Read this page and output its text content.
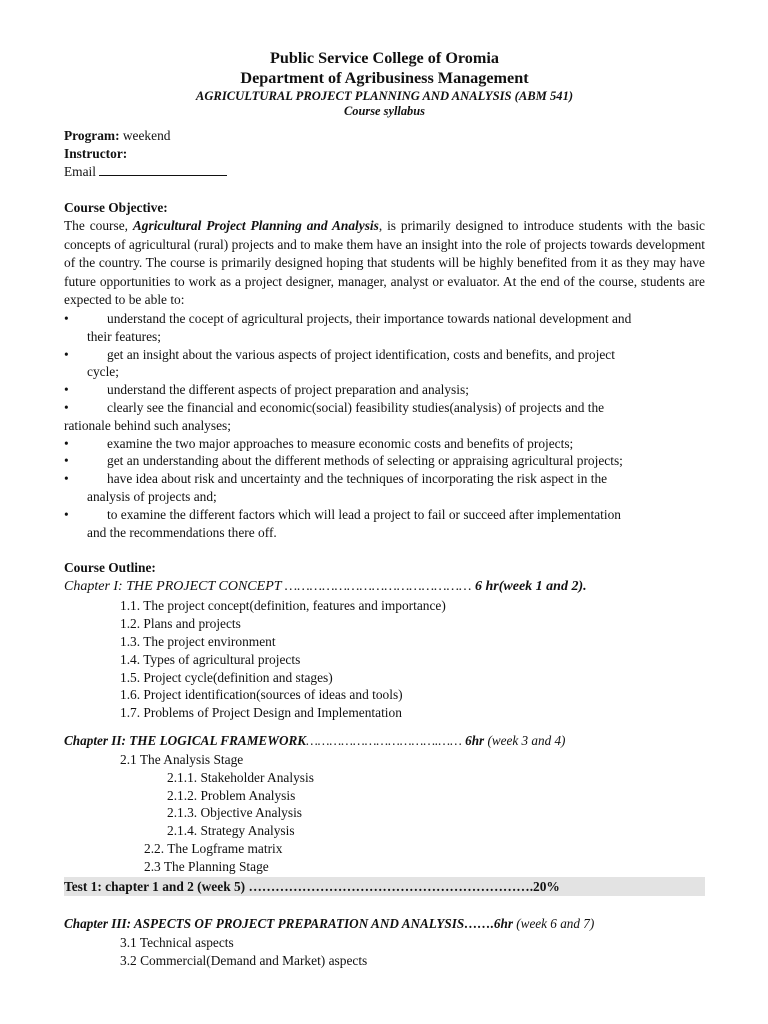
Public Service College of Oromia
Department of Agribusiness Management
AGRICULTURAL PROJECT PLANNING AND ANALYSIS (ABM 541)
Course syllabus
Program: weekend
Instructor:
Email
Course Objective:
The course, Agricultural Project Planning and Analysis, is primarily designed to introduce students with the basic concepts of agricultural (rural) projects and to make them have an insight into the role of projects towards development of the country. The course is primarily designed hoping that students will be highly benefited from it as they may have future opportunities to work as a project designer, manager, analyst or evaluator. At the end of the course, students are expected to be able to:
•	understand the cocept of agricultural projects, their importance towards national development and
their features;
•	get an insight about the various aspects of project identification, costs and benefits, and project
cycle;
•	understand the different aspects of project preparation and analysis;
•	clearly see the financial and economic(social) feasibility studies(analysis) of projects and the
rationale behind such analyses;
•	examine the two major approaches to measure economic costs and benefits of projects;
•	get an understanding about the different methods of selecting or appraising agricultural projects;
•	have idea about risk and uncertainty and the techniques of incorporating the risk aspect in the
analysis of projects and;
•	to examine the different factors which will lead a project to fail or succeed after implementation
and the recommendations there off.
Course Outline:
Chapter I: THE PROJECT CONCEPT ……………………………………… 6 hr(week 1 and 2).
1.1. The project concept(definition, features and importance)
1.2. Plans and projects
1.3. The project environment
1.4. Types of agricultural projects
1.5. Project cycle(definition and stages)
1.6. Project identification(sources of ideas and tools)
1.7. Problems of Project Design and Implementation
Chapter II: THE LOGICAL FRAMEWORK…………………………….…… 6hr (week 3 and 4)
2.1 The Analysis Stage
2.1.1. Stakeholder Analysis
2.1.2. Problem Analysis
2.1.3. Objective Analysis
2.1.4. Strategy Analysis
2.2. The Logframe matrix
2.3 The Planning Stage
Test 1: chapter 1 and 2 (week 5) ……………………………………………………….20%
Chapter III: ASPECTS OF PROJECT PREPARATION AND ANALYSIS…….6hr (week 6 and 7)
3.1 Technical aspects
3.2 Commercial(Demand and Market) aspects
